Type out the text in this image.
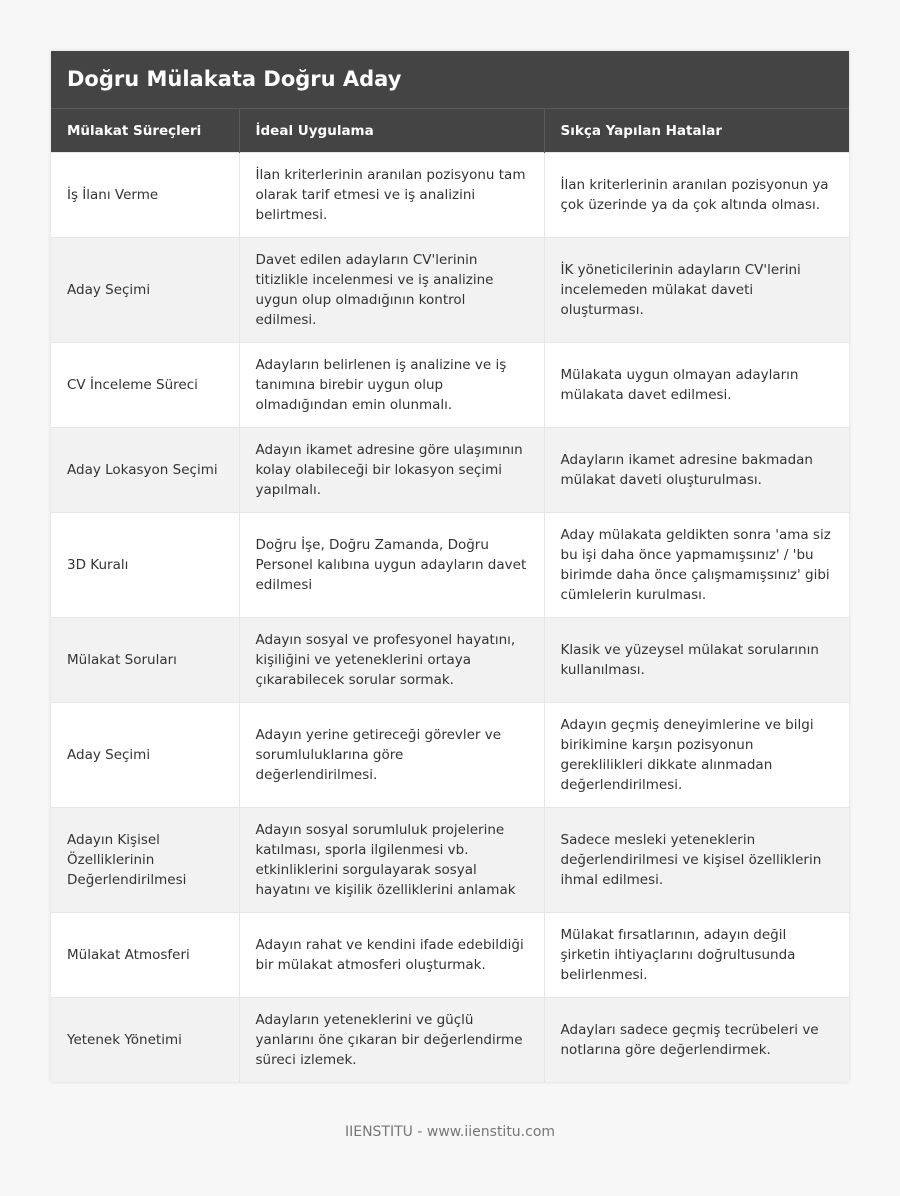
Doğru Mülakata Doğru Aday
Mülakat Süreçleri	İdeal Uygulama	Sıkça Yapılan Hatalar
İş İlanı Verme	İlan kriterlerinin aranılan pozisyonu tam olarak tarif etmesi ve iş analizini belirtmesi.	İlan kriterlerinin aranılan pozisyonun ya çok üzerinde ya da çok altında olması.
Aday Seçimi	Davet edilen adayların CV'lerinin titizlikle incelenmesi ve iş analizine uygun olup olmadığının kontrol edilmesi.	İK yöneticilerinin adayların CV'lerini incelemeden mülakat daveti oluşturması.
CV İnceleme Süreci	Adayların belirlenen iş analizine ve iş tanımına birebir uygun olup olmadığından emin olunmalı.	Mülakata uygun olmayan adayların mülakata davet edilmesi.
Aday Lokasyon Seçimi	Adayın ikamet adresine göre ulaşımının kolay olabileceği bir lokasyon seçimi yapılmalı.	Adayların ikamet adresine bakmadan mülakat daveti oluşturulması.
3D Kuralı	Doğru İşe, Doğru Zamanda, Doğru Personel kalıbına uygun adayların davet edilmesi	Aday mülakata geldikten sonra 'ama siz bu işi daha önce yapmamışsınız' / 'bu birimde daha önce çalışmamışsınız' gibi cümlelerin kurulması.
Mülakat Soruları	Adayın sosyal ve profesyonel hayatını, kişiliğini ve yeteneklerini ortaya çıkarabilecek sorular sormak.	Klasik ve yüzeysel mülakat sorularının kullanılması.
Aday Seçimi	Adayın yerine getireceği görevler ve sorumluluklarına göre değerlendirilmesi.	Adayın geçmiş deneyimlerine ve bilgi birikimine karşın pozisyonun gereklilikleri dikkate alınmadan değerlendirilmesi.
Adayın Kişisel Özelliklerinin Değerlendirilmesi	Adayın sosyal sorumluluk projelerine katılması, sporla ilgilenmesi vb. etkinliklerini sorgulayarak sosyal hayatını ve kişilik özelliklerini anlamak	Sadece mesleki yeteneklerin değerlendirilmesi ve kişisel özelliklerin ihmal edilmesi.
Mülakat Atmosferi	Adayın rahat ve kendini ifade edebildiği bir mülakat atmosferi oluşturmak.	Mülakat fırsatlarının, adayın değil şirketin ihtiyaçlarını doğrultusunda belirlenmesi.
Yetenek Yönetimi	Adayların yeteneklerini ve güçlü yanlarını öne çıkaran bir değerlendirme süreci izlemek.	Adayları sadece geçmiş tecrübeleri ve notlarına göre değerlendirmek.
IIENSTITU - www.iienstitu.com
